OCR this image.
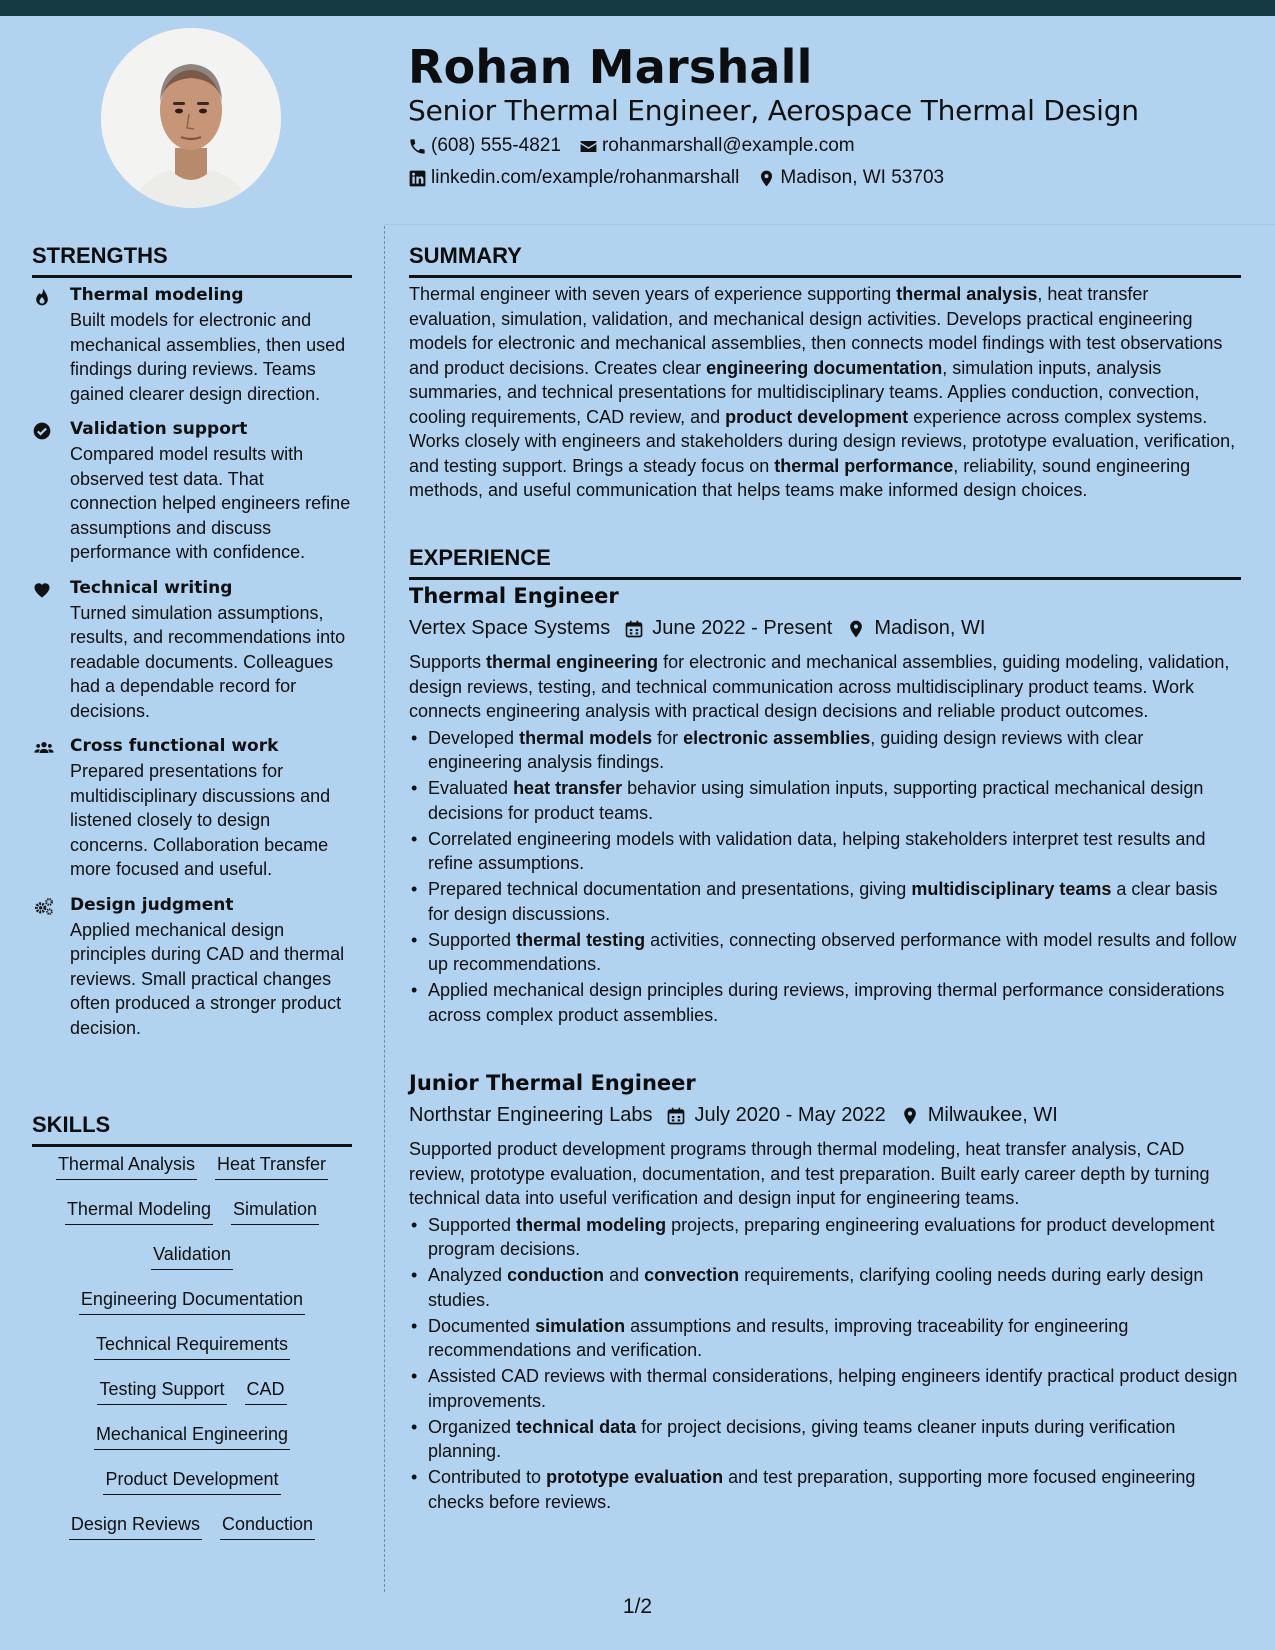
Rohan Marshall
Senior Thermal Engineer, Aerospace Thermal Design
(608) 555-4821 rohanmarshall@example.com
linkedin.com/example/rohanmarshall Madison, WI 53703
STRENGTHS
Thermal modeling
Built models for electronic and mechanical assemblies, then used findings during reviews. Teams gained clearer design direction.
Validation support
Compared model results with observed test data. That connection helped engineers refine assumptions and discuss performance with confidence.
Technical writing
Turned simulation assumptions, results, and recommendations into readable documents. Colleagues had a dependable record for decisions.
Cross functional work
Prepared presentations for multidisciplinary discussions and listened closely to design concerns. Collaboration became more focused and useful.
Design judgment
Applied mechanical design principles during CAD and thermal reviews. Small practical changes often produced a stronger product decision.
SKILLS
Thermal Analysis Heat Transfer
Thermal Modeling Simulation
Validation
Engineering Documentation
Technical Requirements
Testing Support CAD
Mechanical Engineering
Product Development
Design Reviews Conduction
SUMMARY
Thermal engineer with seven years of experience supporting thermal analysis, heat transfer evaluation, simulation, validation, and mechanical design activities. Develops practical engineering models for electronic and mechanical assemblies, then connects model findings with test observations and product decisions. Creates clear engineering documentation, simulation inputs, analysis summaries, and technical presentations for multidisciplinary teams. Applies conduction, convection, cooling requirements, CAD review, and product development experience across complex systems. Works closely with engineers and stakeholders during design reviews, prototype evaluation, verification, and testing support. Brings a steady focus on thermal performance, reliability, sound engineering methods, and useful communication that helps teams make informed design choices.
EXPERIENCE
Thermal Engineer
Vertex Space Systems June 2022 - Present Madison, WI
Supports thermal engineering for electronic and mechanical assemblies, guiding modeling, validation, design reviews, testing, and technical communication across multidisciplinary product teams. Work connects engineering analysis with practical design decisions and reliable product outcomes.
• Developed thermal models for electronic assemblies, guiding design reviews with clear engineering analysis findings.
• Evaluated heat transfer behavior using simulation inputs, supporting practical mechanical design decisions for product teams.
• Correlated engineering models with validation data, helping stakeholders interpret test results and refine assumptions.
• Prepared technical documentation and presentations, giving multidisciplinary teams a clear basis for design discussions.
• Supported thermal testing activities, connecting observed performance with model results and follow up recommendations.
• Applied mechanical design principles during reviews, improving thermal performance considerations across complex product assemblies.
Junior Thermal Engineer
Northstar Engineering Labs July 2020 - May 2022 Milwaukee, WI
Supported product development programs through thermal modeling, heat transfer analysis, CAD review, prototype evaluation, documentation, and test preparation. Built early career depth by turning technical data into useful verification and design input for engineering teams.
• Supported thermal modeling projects, preparing engineering evaluations for product development program decisions.
• Analyzed conduction and convection requirements, clarifying cooling needs during early design studies.
• Documented simulation assumptions and results, improving traceability for engineering recommendations and verification.
• Assisted CAD reviews with thermal considerations, helping engineers identify practical product design improvements.
• Organized technical data for project decisions, giving teams cleaner inputs during verification planning.
• Contributed to prototype evaluation and test preparation, supporting more focused engineering checks before reviews.
1/2
